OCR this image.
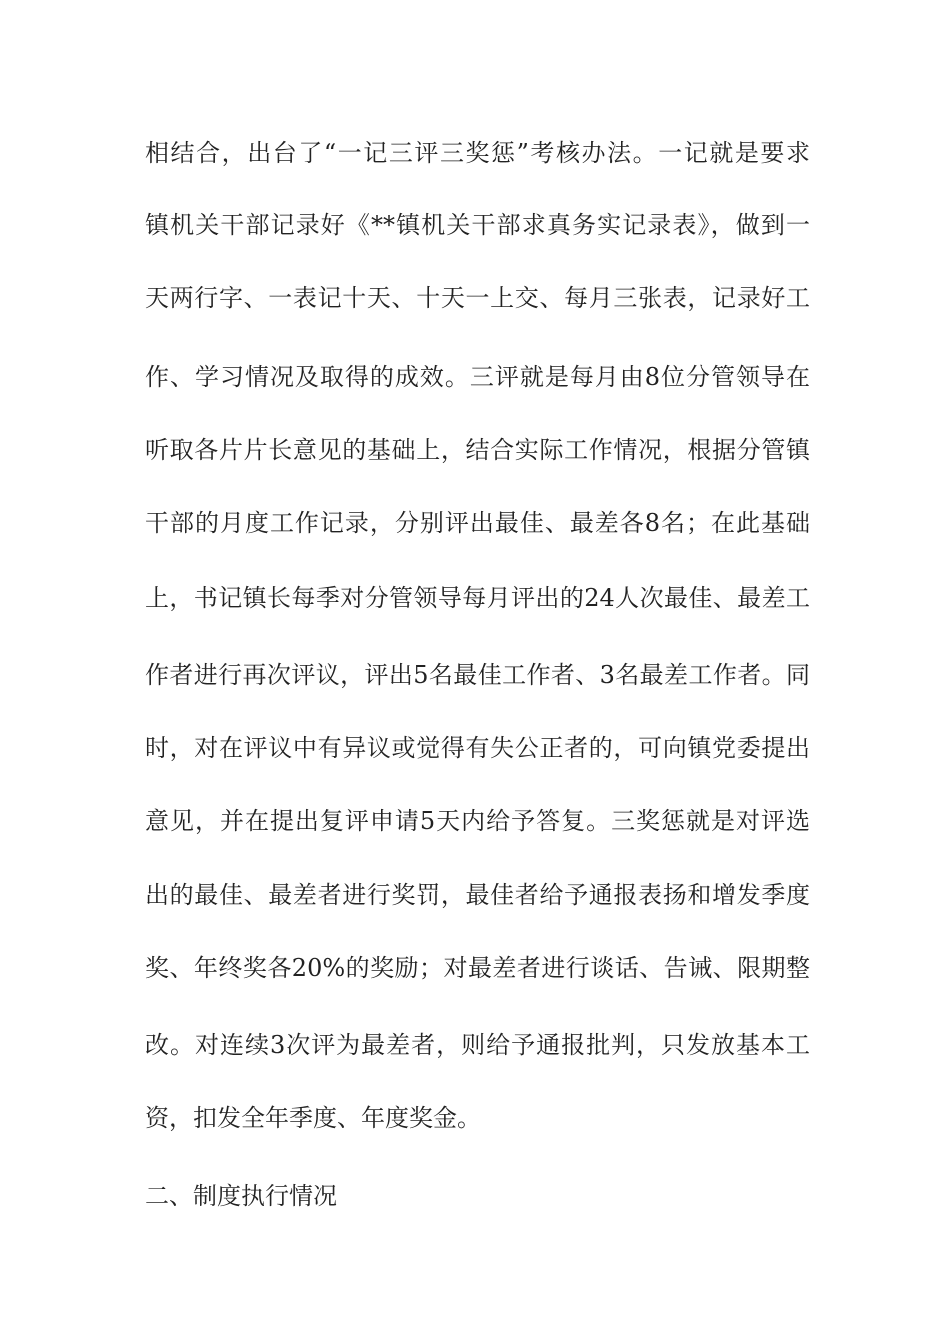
相结合，出台了“一记三评三奖惩”考核办法。一记就是要求
镇机关干部记录好《**镇机关干部求真务实记录表》，做到一
天两行字、一表记十天、十天一上交、每月三张表，记录好工
作、学习情况及取得的成效。三评就是每月由8位分管领导在
听取各片片长意见的基础上，结合实际工作情况，根据分管镇
干部的月度工作记录，分别评出最佳、最差各8名；在此基础
上，书记镇长每季对分管领导每月评出的24人次最佳、最差工
作者进行再次评议，评出5名最佳工作者、3名最差工作者。同
时，对在评议中有异议或觉得有失公正者的，可向镇党委提出
意见，并在提出复评申请5天内给予答复。三奖惩就是对评选
出的最佳、最差者进行奖罚，最佳者给予通报表扬和增发季度
奖、年终奖各20%的奖励；对最差者进行谈话、告诫、限期整
改。对连续3次评为最差者，则给予通报批判，只发放基本工
资，扣发全年季度、年度奖金。
二、制度执行情况
